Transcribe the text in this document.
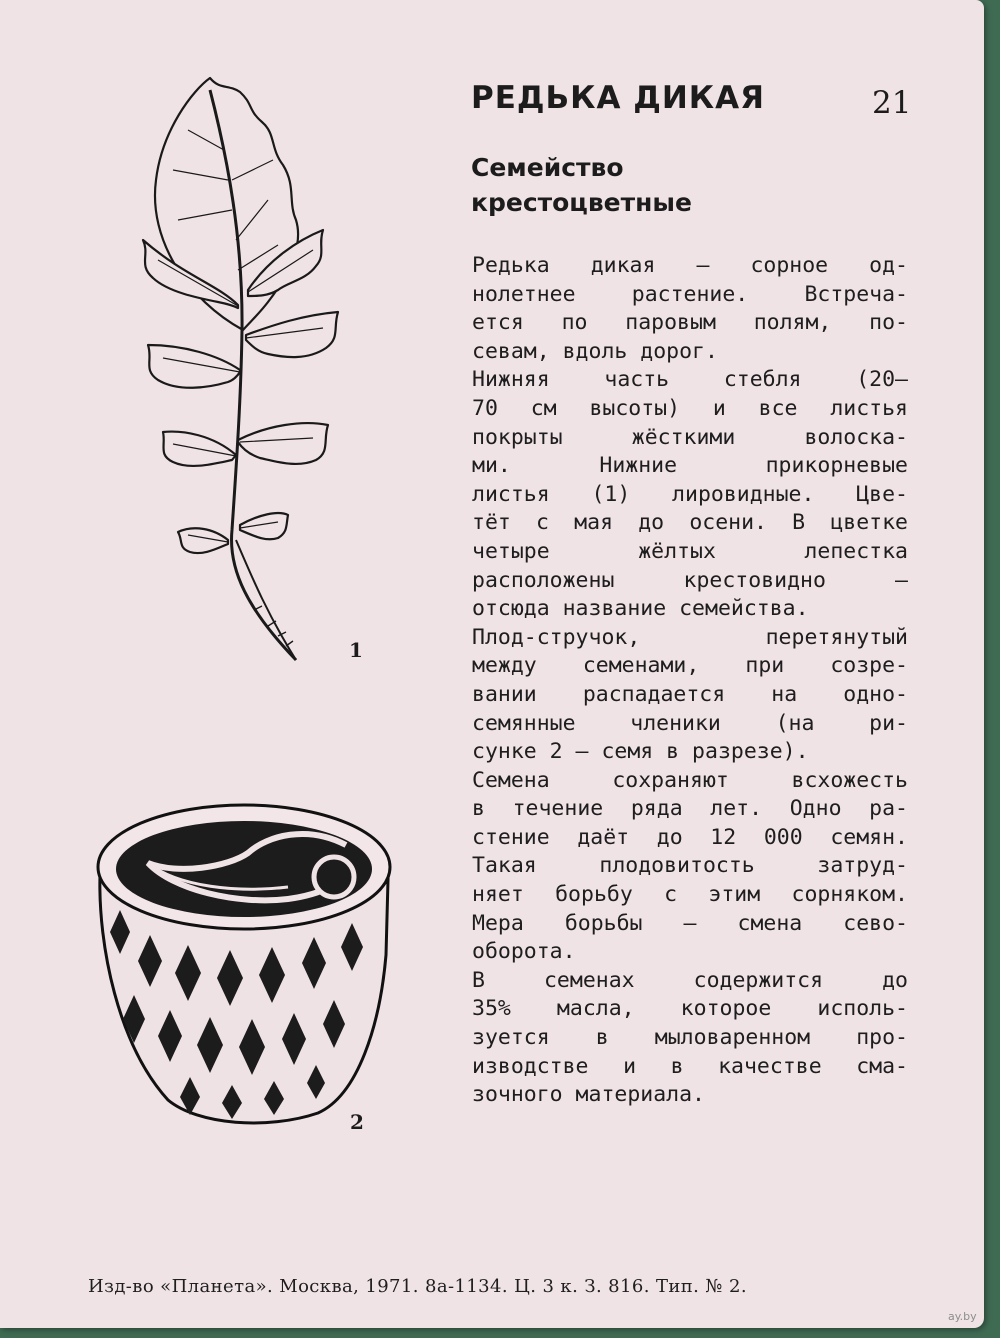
1
2
РЕДЬКА ДИКАЯ	21
Семейство
крестоцветные
Редька дикая — сорное од-
нолетнее растение. Встреча-
ется по паровым полям, по-
севам, вдоль дорог.
Нижняя часть стебля (20—
70 см высоты) и все листья
покрыты жёсткими волоска-
ми. Нижние прикорневые
листья (1) лировидные. Цве-
тёт с мая до осени. В цветке
четыре жёлтых лепестка
расположены крестовидно —
отсюда название семейства.
Плод-стручок, перетянутый
между семенами, при созре-
вании распадается на одно-
семянные членики (на ри-
сунке 2 — семя в разрезе).
Семена сохраняют всхожесть
в течение ряда лет. Одно ра-
стение даёт до 12 000 семян.
Такая плодовитость затруд-
няет борьбу с этим сорняком.
Мера борьбы — смена сево-
оборота.
В семенах содержится до
35% масла, которое исполь-
зуется в мыловаренном про-
изводстве и в качестве сма-
зочного материала.
Изд-во «Планета». Москва, 1971. 8а-1134. Ц. 3 к. З. 816. Тип. № 2.
ay.by
